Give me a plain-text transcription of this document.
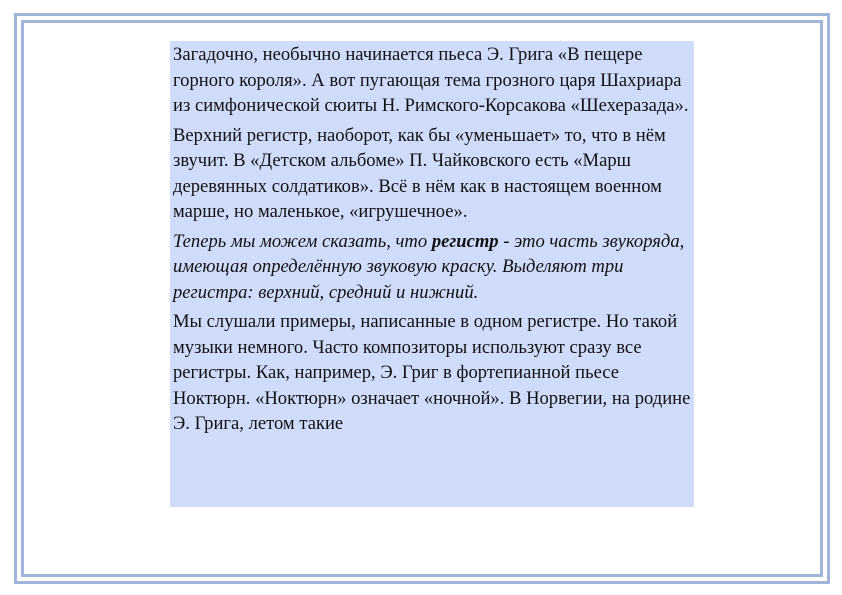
Загадочно, необычно начинается пьеса Э. Грига «В пещере горного короля». А вот пугающая тема грозного царя Шахриара из симфонической сюиты Н. Римского-Корсакова «Шехеразада».

Верхний регистр, наоборот, как бы «уменьшает» то, что в нём звучит. В «Детском альбоме» П. Чайковского есть «Марш деревянных солдатиков». Всё в нём как в настоящем военном марше, но маленькое, «игрушечное».

Теперь мы можем сказать, что регистр - это часть звукоряда, имеющая определённую звуковую краску. Выделяют три регистра: верхний, средний и нижний.

Мы слушали примеры, написанные в одном регистре. Но такой музыки немного. Часто композиторы используют сразу все регистры. Как, например, Э. Григ в фортепианной пьесе Ноктюрн. «Ноктюрн» означает «ночной». В Норвегии, на родине Э. Грига, летом такие
